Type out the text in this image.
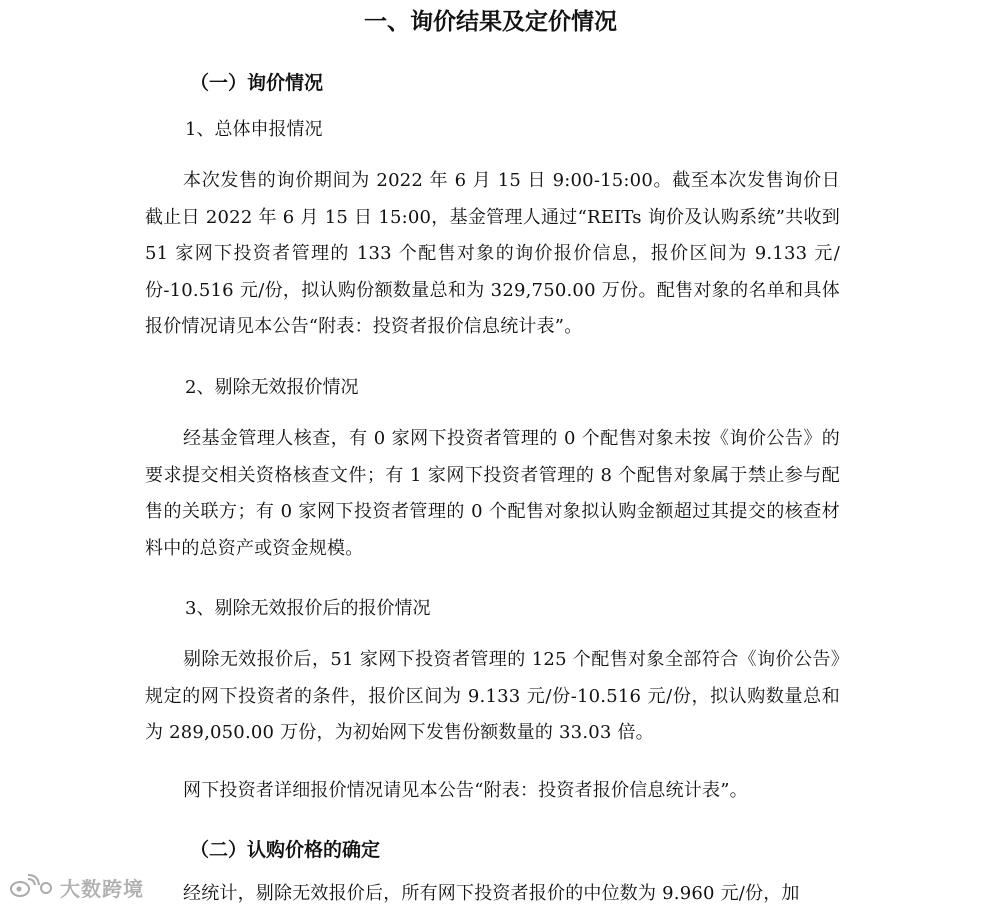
一、询价结果及定价情况
（一）询价情况
1、总体申报情况
本次发售的询价期间为 2022 年 6 月 15 日 9:00-15:00。截至本次发售询价日截止日 2022 年 6 月 15 日 15:00，基金管理人通过“REITs 询价及认购系统”共收到 51 家网下投资者管理的 133 个配售对象的询价报价信息，报价区间为 9.133 元/份-10.516 元/份，拟认购份额数量总和为 329,750.00 万份。配售对象的名单和具体报价情况请见本公告“附表：投资者报价信息统计表”。
2、剔除无效报价情况
经基金管理人核查，有 0 家网下投资者管理的 0 个配售对象未按《询价公告》的要求提交相关资格核查文件；有 1 家网下投资者管理的 8 个配售对象属于禁止参与配售的关联方；有 0 家网下投资者管理的 0 个配售对象拟认购金额超过其提交的核查材料中的总资产或资金规模。
3、剔除无效报价后的报价情况
剔除无效报价后，51 家网下投资者管理的 125 个配售对象全部符合《询价公告》规定的网下投资者的条件，报价区间为 9.133 元/份-10.516 元/份，拟认购数量总和为 289,050.00 万份，为初始网下发售份额数量的 33.03 倍。
网下投资者详细报价情况请见本公告“附表：投资者报价信息统计表”。
（二）认购价格的确定
经统计，剔除无效报价后，所有网下投资者报价的中位数为 9.960 元/份，加
大数跨境
